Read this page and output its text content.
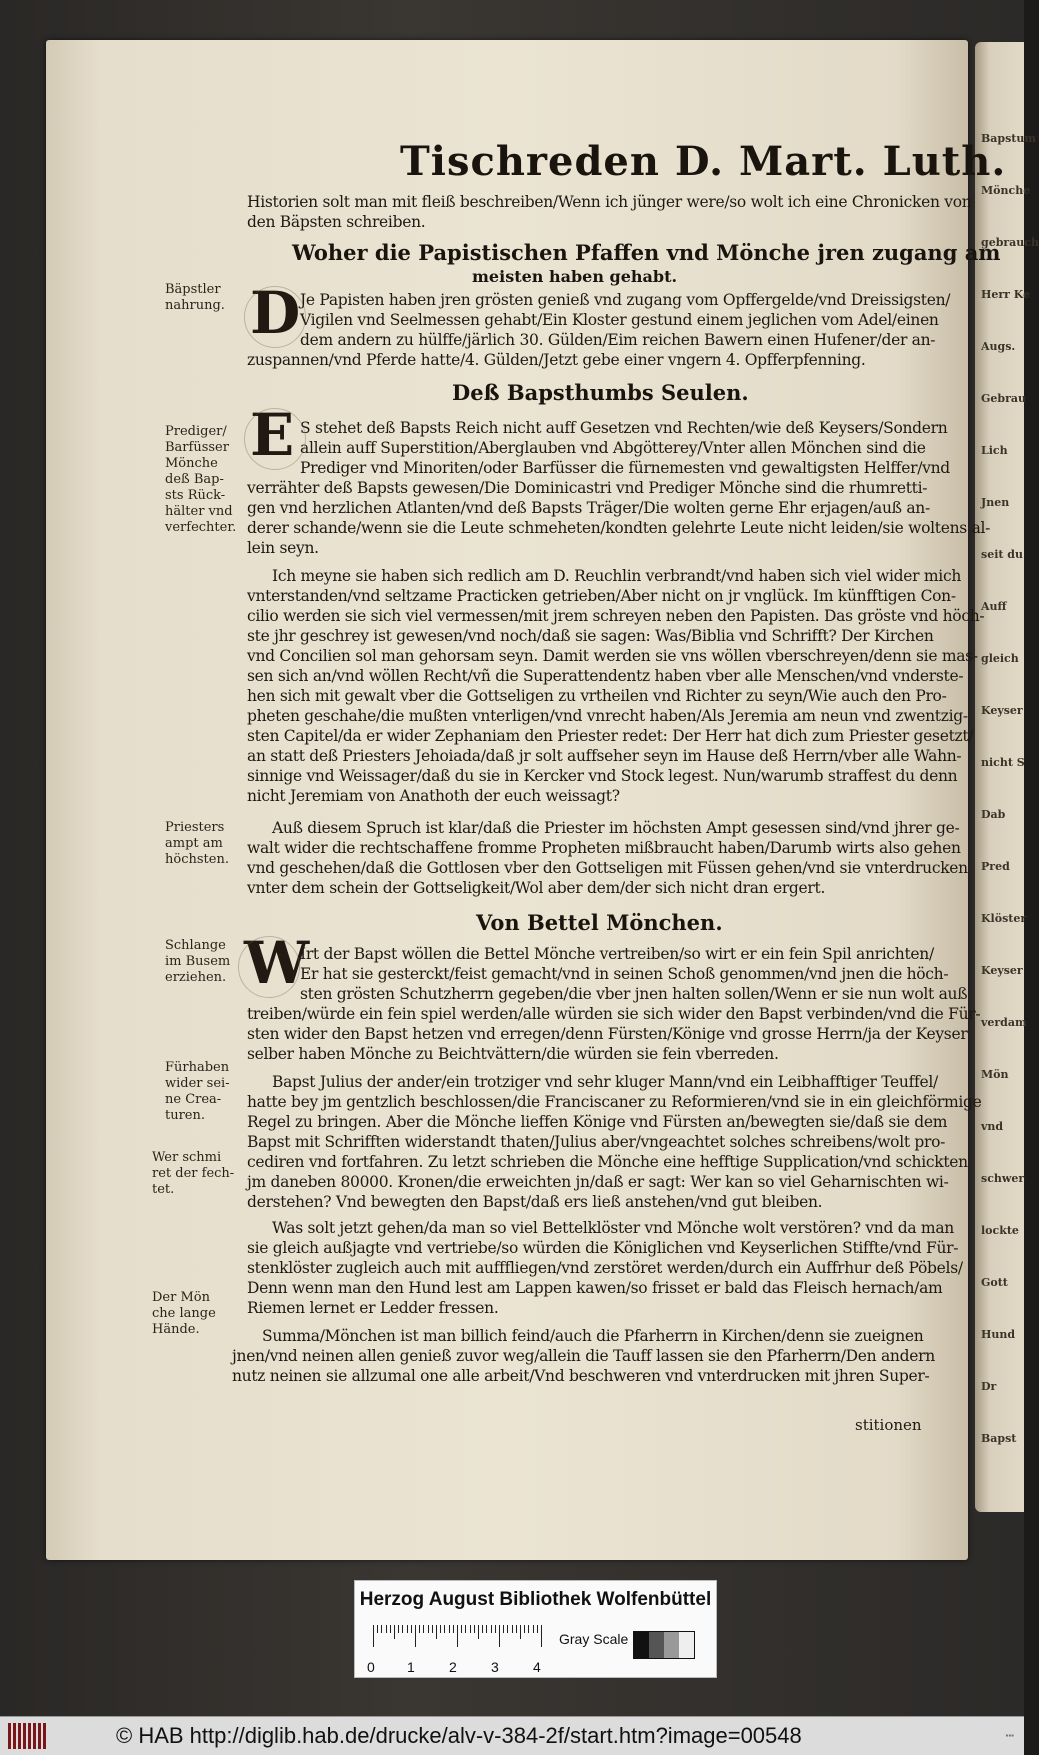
Bapstum
Mönche
gebrauch
Herr Ke
Augs.
Gebrau
Lich
Jnen
seit du
Auff
gleich
Keyser
nicht S
Dab
Pred
Klöster
Keyser
verdam
Mön
vnd
schwer
lockte
Gott
Hund
Dr
Bapst
Tischreden D. Mart. Luth.
Historien solt man mit fleiß beschreiben/Wenn ich jünger were/so wolt ich eine Chronicken von
den Bäpsten schreiben.
Je Papisten haben jren grösten genieß vnd zugang vom Opffergelde/vnd Dreissigsten/
Vigilen vnd Seelmessen gehabt/Ein Kloster gestund einem jeglichen vom Adel/einen
dem andern zu hülffe/järlich 30. Gülden/Eim reichen Bawern einen Hufener/der an-
zuspannen/vnd Pferde hatte/4. Gülden/Jetzt gebe einer vngern 4. Opfferpfenning.
S stehet deß Bapsts Reich nicht auff Gesetzen vnd Rechten/wie deß Keysers/Sondern
allein auff Superstition/Aberglauben vnd Abgötterey/Vnter allen Mönchen sind die
Prediger vnd Minoriten/oder Barfüsser die fürnemesten vnd gewaltigsten Helffer/vnd
verrähter deß Bapsts gewesen/Die Dominicastri vnd Prediger Mönche sind die rhumretti-
gen vnd herzlichen Atlanten/vnd deß Bapsts Träger/Die wolten gerne Ehr erjagen/auß an-
derer schande/wenn sie die Leute schmeheten/kondten gelehrte Leute nicht leiden/sie woltens al-
lein seyn.
Ich meyne sie haben sich redlich am D. Reuchlin verbrandt/vnd haben sich viel wider mich
vnterstanden/vnd seltzame Practicken getrieben/Aber nicht on jr vnglück. Im künfftigen Con-
cilio werden sie sich viel vermessen/mit jrem schreyen neben den Papisten. Das gröste vnd höch-
ste jhr geschrey ist gewesen/vnd noch/daß sie sagen: Was/Biblia vnd Schrifft? Der Kirchen
vnd Concilien sol man gehorsam seyn. Damit werden sie vns wöllen vberschreyen/denn sie mas-
sen sich an/vnd wöllen Recht/vñ die Superattendentz haben vber alle Menschen/vnd vnderste-
hen sich mit gewalt vber die Gottseligen zu vrtheilen vnd Richter zu seyn/Wie auch den Pro-
pheten geschahe/die mußten vnterligen/vnd vnrecht haben/Als Jeremia am neun vnd zwentzig-
sten Capitel/da er wider Zephaniam den Priester redet: Der Herr hat dich zum Priester gesetzt/
an statt deß Priesters Jehoiada/daß jr solt auffseher seyn im Hause deß Herrn/vber alle Wahn-
sinnige vnd Weissager/daß du sie in Kercker vnd Stock legest. Nun/warumb straffest du denn
nicht Jeremiam von Anathoth der euch weissagt?
Auß diesem Spruch ist klar/daß die Priester im höchsten Ampt gesessen sind/vnd jhrer ge-
walt wider die rechtschaffene fromme Propheten mißbraucht haben/Darumb wirts also gehen
vnd geschehen/daß die Gottlosen vber den Gottseligen mit Füssen gehen/vnd sie vnterdrucken
vnter dem schein der Gottseligkeit/Wol aber dem/der sich nicht dran ergert.
Irt der Bapst wöllen die Bettel Mönche vertreiben/so wirt er ein fein Spil anrichten/
Er hat sie gesterckt/feist gemacht/vnd in seinen Schoß genommen/vnd jnen die höch-
sten grösten Schutzherrn gegeben/die vber jnen halten sollen/Wenn er sie nun wolt auß
treiben/würde ein fein spiel werden/alle würden sie sich wider den Bapst verbinden/vnd die Für-
sten wider den Bapst hetzen vnd erregen/denn Fürsten/Könige vnd grosse Herrn/ja der Keyser
selber haben Mönche zu Beichtvättern/die würden sie fein vberreden.
Bapst Julius der ander/ein trotziger vnd sehr kluger Mann/vnd ein Leibhafftiger Teuffel/
hatte bey jm gentzlich beschlossen/die Franciscaner zu Reformieren/vnd sie in ein gleichförmige
Regel zu bringen. Aber die Mönche lieffen Könige vnd Fürsten an/bewegten sie/daß sie dem
Bapst mit Schrifften widerstandt thaten/Julius aber/vngeachtet solches schreibens/wolt pro-
cediren vnd fortfahren. Zu letzt schrieben die Mönche eine hefftige Supplication/vnd schickten
jm daneben 80000. Kronen/die erweichten jn/daß er sagt: Wer kan so viel Geharnischten wi-
derstehen? Vnd bewegten den Bapst/daß ers ließ anstehen/vnd gut bleiben.
Was solt jetzt gehen/da man so viel Bettelklöster vnd Mönche wolt verstören? vnd da man
sie gleich außjagte vnd vertriebe/so würden die Königlichen vnd Keyserlichen Stiffte/vnd Für-
stenklöster zugleich auch mit aufffliegen/vnd zerstöret werden/durch ein Auffrhur deß Pöbels/
Denn wenn man den Hund lest am Lappen kawen/so frisset er bald das Fleisch hernach/am
Riemen lernet er Ledder fressen.
Summa/Mönchen ist man billich feind/auch die Pfarherrn in Kirchen/denn sie zueignen
jnen/vnd neinen allen genieß zuvor weg/allein die Tauff lassen sie den Pfarherrn/Den andern
nutz neinen sie allzumal one alle arbeit/Vnd beschweren vnd vnterdrucken mit jhren Super-
Woher die Papistischen Pfaffen vnd Mönche jren zugang am
meisten haben gehabt.
Deß Bapsthumbs Seulen.
Von Bettel Mönchen.
D
E
W
Bäpstler
nahrung.
Prediger/
Barfüsser
Mönche
deß Bap-
sts Rück-
hälter vnd
verfechter.
Priesters
ampt am
höchsten.
Schlange
im Busem
erziehen.
Fürhaben
wider sei-
ne Crea-
turen.
Wer schmi
ret der fech-
tet.
Der Mön
che lange
Hände.
stitionen
Herzog August Bibliothek Wolfenbüttel
0 1 2 3 4
Gray Scale
© HAB http://diglib.hab.de/drucke/alv-v-384-2f/start.htm?image=00548	▪▪▪
